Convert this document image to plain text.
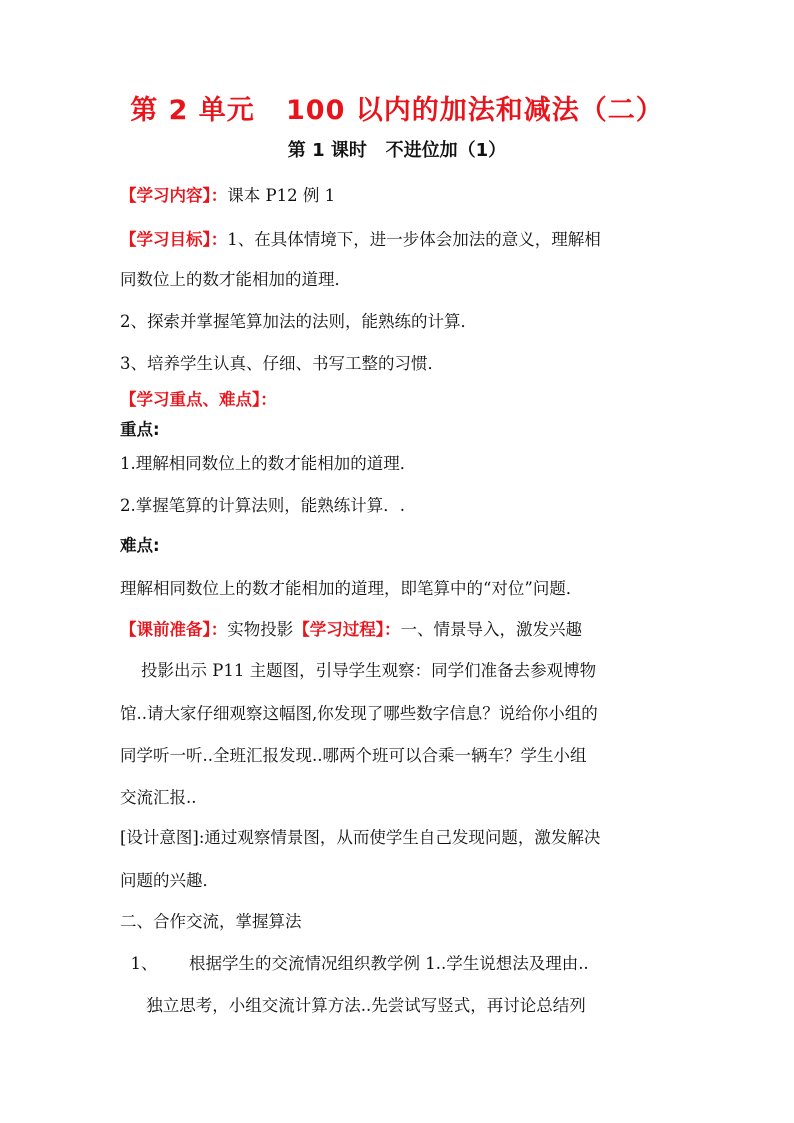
第 2 单元   100 以内的加法和减法（二）
第 1 课时   不进位加（1）
【学习内容】：课本 P12 例 1
【学习目标】：1、在具体情境下，进一步体会加法的意义，理解相
同数位上的数才能相加的道理．
2、探索并掌握笔算加法的法则，能熟练的计算．
3、培养学生认真、仔细、书写工整的习惯．
【学习重点、难点】：
重点:
1.理解相同数位上的数才能相加的道理．
2.掌握笔算的计算法则，能熟练计算．.
难点:
理解相同数位上的数才能相加的道理，即笔算中的“对位”问题．
【课前准备】：实物投影【学习过程】：一、情景导入，激发兴趣
投影出示 P11 主题图，引导学生观察：同学们准备去参观博物
馆..请大家仔细观察这幅图,你发现了哪些数字信息？说给你小组的
同学听一听..全班汇报发现..哪两个班可以合乘一辆车？学生小组
交流汇报..
[设计意图]:通过观察情景图，从而使学生自己发现问题，激发解决
问题的兴趣．
二、合作交流，掌握算法
1、      根据学生的交流情况组织教学例 1..学生说想法及理由..
独立思考，小组交流计算方法..先尝试写竖式，再讨论总结列
